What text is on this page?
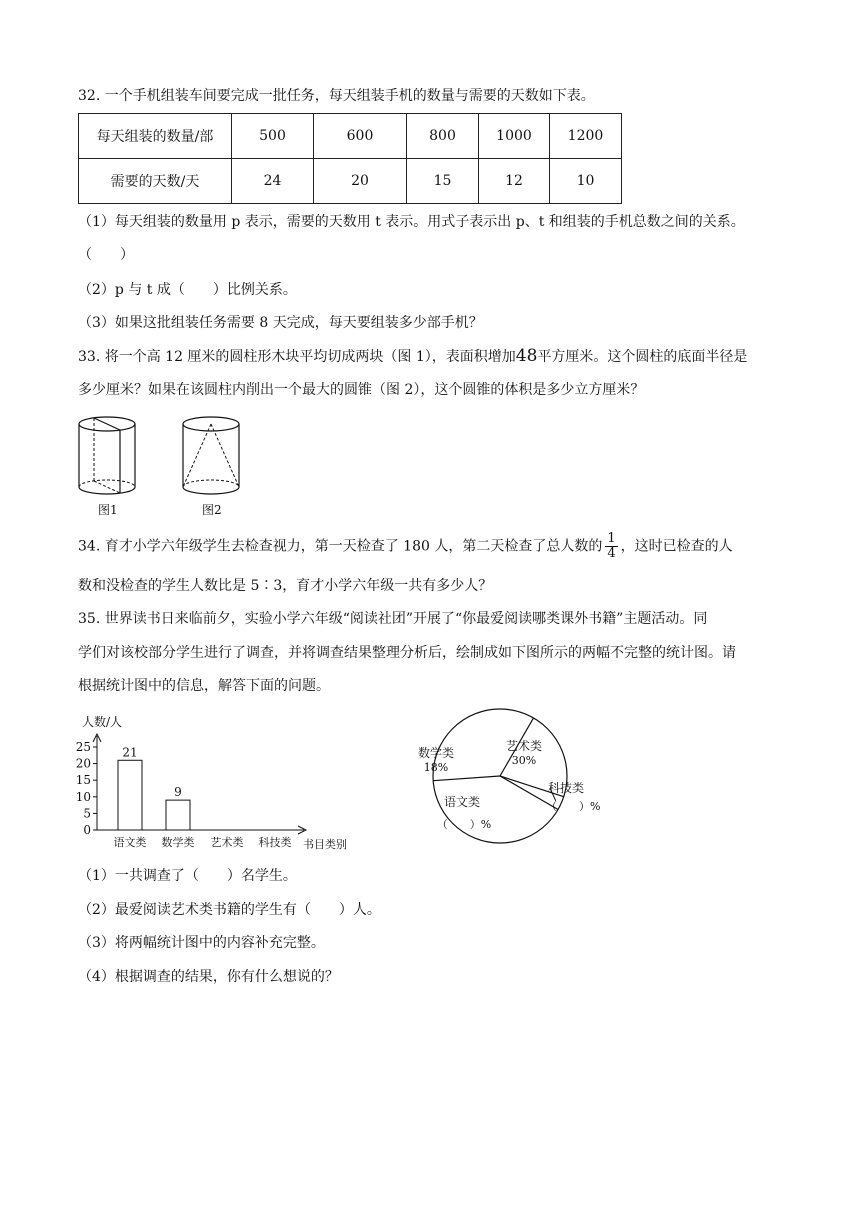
32. 一个手机组装车间要完成一批任务，每天组装手机的数量与需要的天数如下表。
每天组装的数量/部	500	600	800	1000	1200
需要的天数/天	24	20	15	12	10
（1）每天组装的数量用 p 表示，需要的天数用 t 表示。用式子表示出 p、t 和组装的手机总数之间的关系。
（　　）
（2）p 与 t 成（　　）比例关系。
（3）如果这批组装任务需要 8 天完成，每天要组装多少部手机？
33. 将一个高 12 厘米的圆柱形木块平均切成两块（图 1），表面积增加48平方厘米。这个圆柱的底面半径是
多少厘米？如果在该圆柱内削出一个最大的圆锥（图 2），这个圆锥的体积是多少立方厘米？
图1	图2
34. 育才小学六年级学生去检查视力，第一天检查了 180 人，第二天检查了总人数的 $\frac{1}{4}$ ，这时已检查的人
数和没检查的学生人数比是 5∶3，育才小学六年级一共有多少人？
35. 世界读书日来临前夕，实验小学六年级“阅读社团”开展了“你最爱阅读哪类课外书籍”主题活动。同
学们对该校部分学生进行了调查，并将调查结果整理分析后，绘制成如下图所示的两幅不完整的统计图。请
根据统计图中的信息，解答下面的问题。
人数/人
书目类别
0
5
10
15
20
25
语文类
21
数学类
9
艺术类 科技类
艺术类
30%
科技类
（　　）%
语文类
（　　）%
数学类
18%
（1）一共调查了（　　）名学生。
（2）最爱阅读艺术类书籍的学生有（　　）人。
（3）将两幅统计图中的内容补充完整。
（4）根据调查的结果，你有什么想说的？
